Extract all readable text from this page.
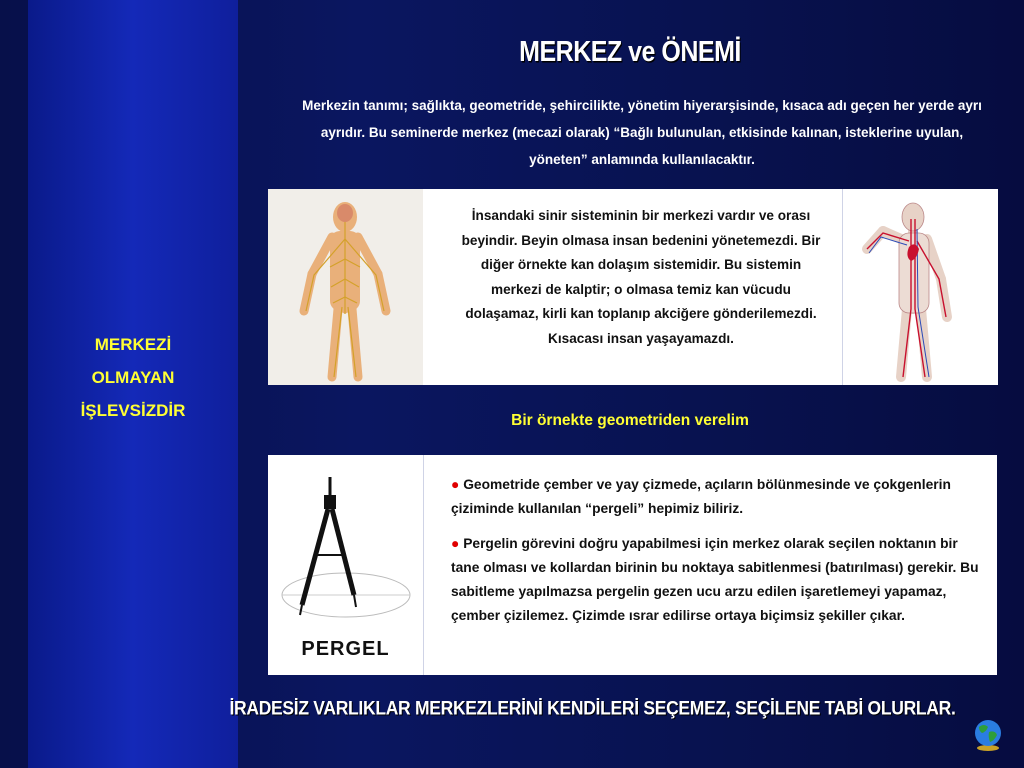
MERKEZİ
OLMAYAN
İŞLEVSİZDİR
MERKEZ ve ÖNEMİ
Merkezin tanımı; sağlıkta, geometride, şehircilikte, yönetim hiyerarşisinde, kısaca adı geçen her yerde ayrı ayrıdır. Bu seminerde merkez (mecazi olarak) “Bağlı bulunulan, etkisinde kalınan, isteklerine uyulan, yöneten” anlamında kullanılacaktır.
İnsandaki sinir sisteminin bir merkezi vardır ve orası beyindir. Beyin olmasa insan bedenini yönetemezdi. Bir diğer örnekte kan dolaşım sistemidir. Bu sistemin merkezi de kalptir; o olmasa temiz kan vücudu dolaşamaz, kirli kan toplanıp akciğere gönderilemezdi. Kısacası insan yaşayamazdı.
Bir örnekte geometriden verelim
PERGEL

● Geometride çember ve yay çizmede, açıların bölünmesinde ve çokgenlerin çiziminde kullanılan “pergeli” hepimiz biliriz.

● Pergelin görevini doğru yapabilmesi için merkez olarak seçilen noktanın bir tane olması ve kollardan birinin bu noktaya sabitlenmesi (batırılması) gerekir. Bu sabitleme yapılmazsa pergelin gezen ucu arzu edilen işaretlemeyi yapamaz, çember çizilemez. Çizimde ısrar edilirse ortaya biçimsiz şekiller çıkar.

İRADESİZ VARLIKLAR MERKEZLERİNİ KENDİLERİ SEÇEMEZ, SEÇİLENE TABİ OLURLAR.
